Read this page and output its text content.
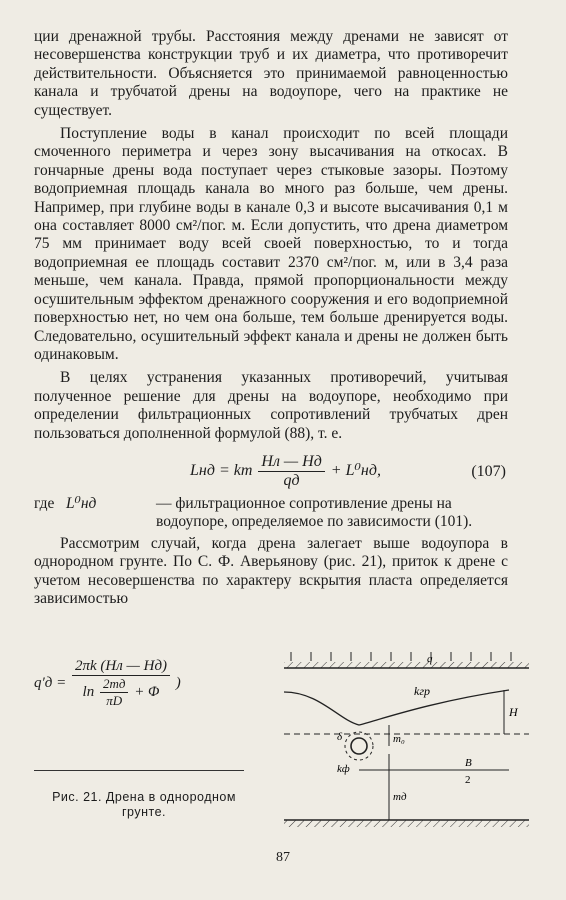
ции дренажной трубы. Расстояния между дренами не зависят от несовершенства конструкции труб и их диаметра, что противоречит действительности. Объясняется это принимаемой равноценностью канала и трубчатой дрены на водоупоре, чего на практике не существует.

Поступление воды в канал происходит по всей площади смоченного периметра и через зону высачивания на откосах. В гончарные дрены вода поступает через стыковые зазоры. Поэтому водоприемная площадь канала во много раз больше, чем дрены. Например, при глубине воды в канале 0,3 и высоте высачивания 0,1 м она составляет 8000 см²/пог. м. Если допустить, что дрена диаметром 75 мм принимает воду всей своей поверхностью, то и тогда водоприемная ее площадь составит 2370 см²/пог. м, или в 3,4 раза меньше, чем канала. Правда, прямой пропорциональности между осушительным эффектом дренажного сооружения и его водоприемной поверхностью нет, но чем она больше, тем больше дренируется воды. Следовательно, осушительный эффект канала и дрены не должен быть одинаковым.

В целях устранения указанных противоречий, учитывая полученное решение для дрены на водоупоре, необходимо при определении фильтрационных сопротивлений трубчатых дрен пользоваться дополненной формулой (88), т. е.

Lнд = km $\frac{Hл — Hд}{qд} + L^0нд$,	(107)
где L⁰нд	— фильтрационное сопротивление дрены на водоупоре, определяемое по зависимости (101).

Рассмотрим случай, когда дрена залегает выше водоупора в однородном грунте. По С. Ф. Аверьянову (рис. 21), приток к дрене с учетом несовершенства по характеру вскрытия пласта определяется зависимостью

$q'д = \frac{2\pi k (Hл — Hд)}{\ln \frac{2mд}{\pi D} + \Phi}$ )
Рис. 21. Дрена в однородном грунте.
q
kгр
H
δ
kф
m₀
B
2
mд
87
